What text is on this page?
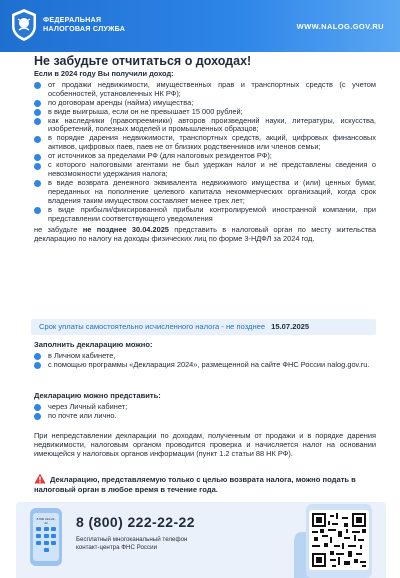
ФЕДЕРАЛЬНАЯ
НАЛОГОВАЯ СЛУЖБА	WWW.NALOG.GOV.RU
Не забудьте отчитаться о доходах!
Если в 2024 году Вы получили доход:
от продажи недвижимости, имущественных прав и транспортных средств (с учетом особенностей, установленных НК РФ);
по договорам аренды (найма) имущества;
в виде выигрыша, если он не превышает 15 000 рублей;
как наследники (правопреемники) авторов произведений науки, литературы, искусства, изобретений, полезных моделей и промышленных образцов;
в порядке дарения недвижимости, транспортных средств, акций, цифровых финансовых активов, цифровых паев, паев не от близких родственников или членов семьи;
от источников за пределами РФ (для налоговых резидентов РФ);
с которого налоговыми агентами не был удержан налог и не представлены сведения о невозможности удержания налога;
в виде возврата денежного эквивалента недвижимого имущества и (или) ценных бумаг, переданных на пополнение целевого капитала некоммерческих организаций, когда срок владения таким имуществом составляет менее трех лет;
в виде прибыли/фиксированной прибыли контролируемой иностранной компании, при представлении соответствующего уведомления
не забудьте не позднее 30.04.2025 представить в налоговый орган по месту жительства декларацию по налогу на доходы физических лиц по форме 3-НДФЛ за 2024 год.
Срок уплаты самостоятельно исчисленного налога - не позднее 15.07.2025
Заполнить декларацию можно:
в Личном кабинете,
с помощью программы «Декларация 2024», размещенной на сайте ФНС России nalog.gov.ru.
Декларацию можно представить:
через Личный кабинет;
по почте или лично.
При непредставлении декларации по доходам, полученным от продажи и в порядке дарения недвижимости, налоговым органом проводится проверка и начисляется налог на основании имеющейся у налоговых органов информации (пункт 1.2 статьи 88 НК РФ).
Декларацию, представляемую только с целью возврата налога, можно подать в налоговый орган в любое время в течение года.
8 800 222-22-22	8 (800) 222-22-22
Бесплатный многоканальный телефон
контакт-центра ФНС России
